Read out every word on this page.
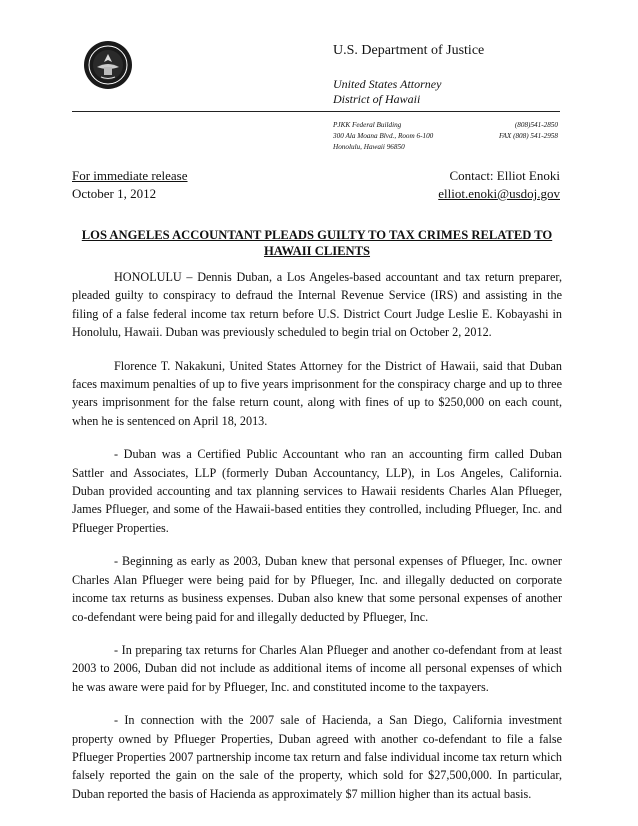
U.S. Department of Justice
United States Attorney
District of Hawaii
PJKK Federal Building
300 Ala Moana Blvd., Room 6-100
Honolulu, Hawaii 96850
(808)541-2850
FAX (808) 541-2958
For immediate release
October 1, 2012
Contact: Elliot Enoki
elliot.enoki@usdoj.gov
LOS ANGELES ACCOUNTANT PLEADS GUILTY TO TAX CRIMES RELATED TO HAWAII CLIENTS

HONOLULU – Dennis Duban, a Los Angeles-based accountant and tax return preparer, pleaded guilty to conspiracy to defraud the Internal Revenue Service (IRS) and assisting in the filing of a false federal income tax return before U.S. District Court Judge Leslie E. Kobayashi in Honolulu, Hawaii. Duban was previously scheduled to begin trial on October 2, 2012.

Florence T. Nakakuni, United States Attorney for the District of Hawaii, said that Duban faces maximum penalties of up to five years imprisonment for the conspiracy charge and up to three years imprisonment for the false return count, along with fines of up to $250,000 on each count, when he is sentenced on April 18, 2013.

- Duban was a Certified Public Accountant who ran an accounting firm called Duban Sattler and Associates, LLP (formerly Duban Accountancy, LLP), in Los Angeles, California. Duban provided accounting and tax planning services to Hawaii residents Charles Alan Pflueger, James Pflueger, and some of the Hawaii-based entities they controlled, including Pflueger, Inc. and Pflueger Properties.

- Beginning as early as 2003, Duban knew that personal expenses of Pflueger, Inc. owner Charles Alan Pflueger were being paid for by Pflueger, Inc. and illegally deducted on corporate income tax returns as business expenses. Duban also knew that some personal expenses of another co-defendant were being paid for and illegally deducted by Pflueger, Inc.

- In preparing tax returns for Charles Alan Pflueger and another co-defendant from at least 2003 to 2006, Duban did not include as additional items of income all personal expenses of which he was aware were paid for by Pflueger, Inc. and constituted income to the taxpayers.

- In connection with the 2007 sale of Hacienda, a San Diego, California investment property owned by Pflueger Properties, Duban agreed with another co-defendant to file a false Pflueger Properties 2007 partnership income tax return and false individual income tax return which falsely reported the gain on the sale of the property, which sold for $27,500,000. In particular, Duban reported the basis of Hacienda as approximately $7 million higher than its actual basis.
